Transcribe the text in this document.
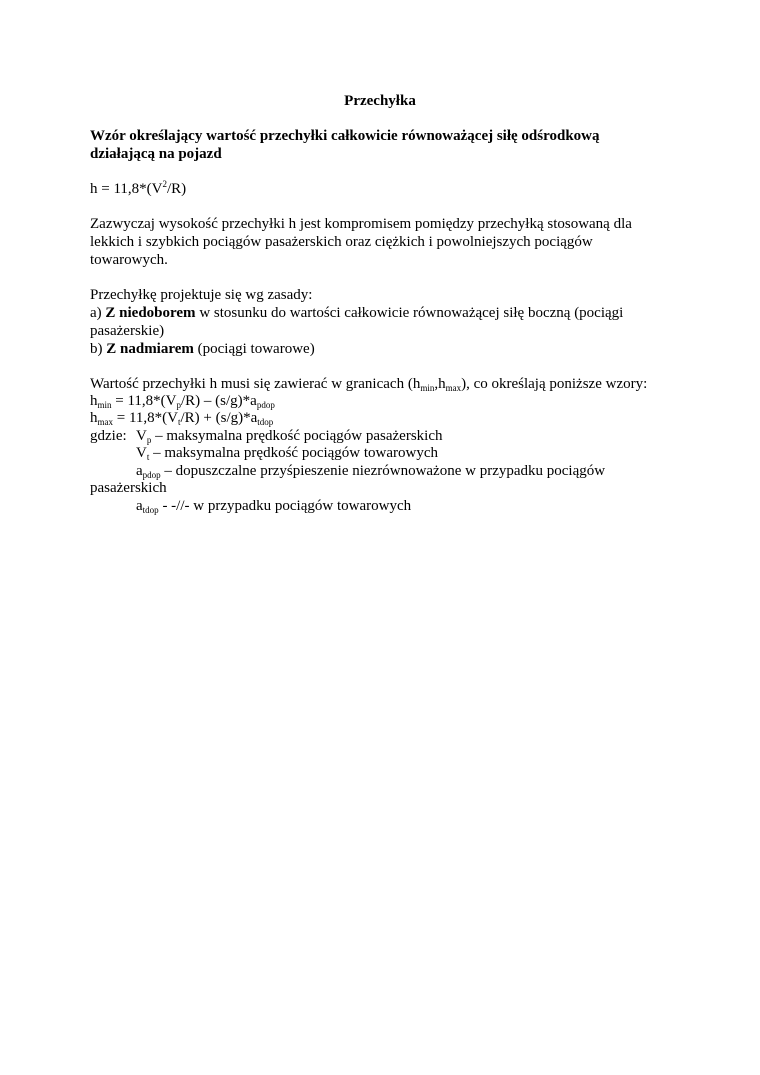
Przechyłka
Wzór określający wartość przechyłki całkowicie równoważącej siłę odśrodkową
działającą na pojazd
$h = 11,8*(V^2/R)$
Zazwyczaj wysokość przechyłki h jest kompromisem pomiędzy przechyłką stosowaną dla
lekkich i szybkich pociągów pasażerskich oraz ciężkich i powolniejszych pociągów
towarowych.
Przechyłkę projektuje się wg zasady:
a) Z niedoborem w stosunku do wartości całkowicie równoważącej siłę boczną (pociągi
pasażerskie)
b) Z nadmiarem (pociągi towarowe)
Wartość przechyłki h musi się zawierać w granicach $(h_{min},h_{max})$, co określają poniższe wzory:
$h_{min} = 11,8*(V_p/R) - (s/g)*a_{pdop}$
$h_{max} = 11,8*(V_t/R) + (s/g)*a_{tdop}$
gdzie: $V_p$ – maksymalna prędkość pociągów pasażerskich
$V_t$ – maksymalna prędkość pociągów towarowych
$a_{pdop}$ – dopuszczalne przyśpieszenie niezrównoważone w przypadku pociągów
pasażerskich
$a_{tdop}$ - -//- w przypadku pociągów towarowych
